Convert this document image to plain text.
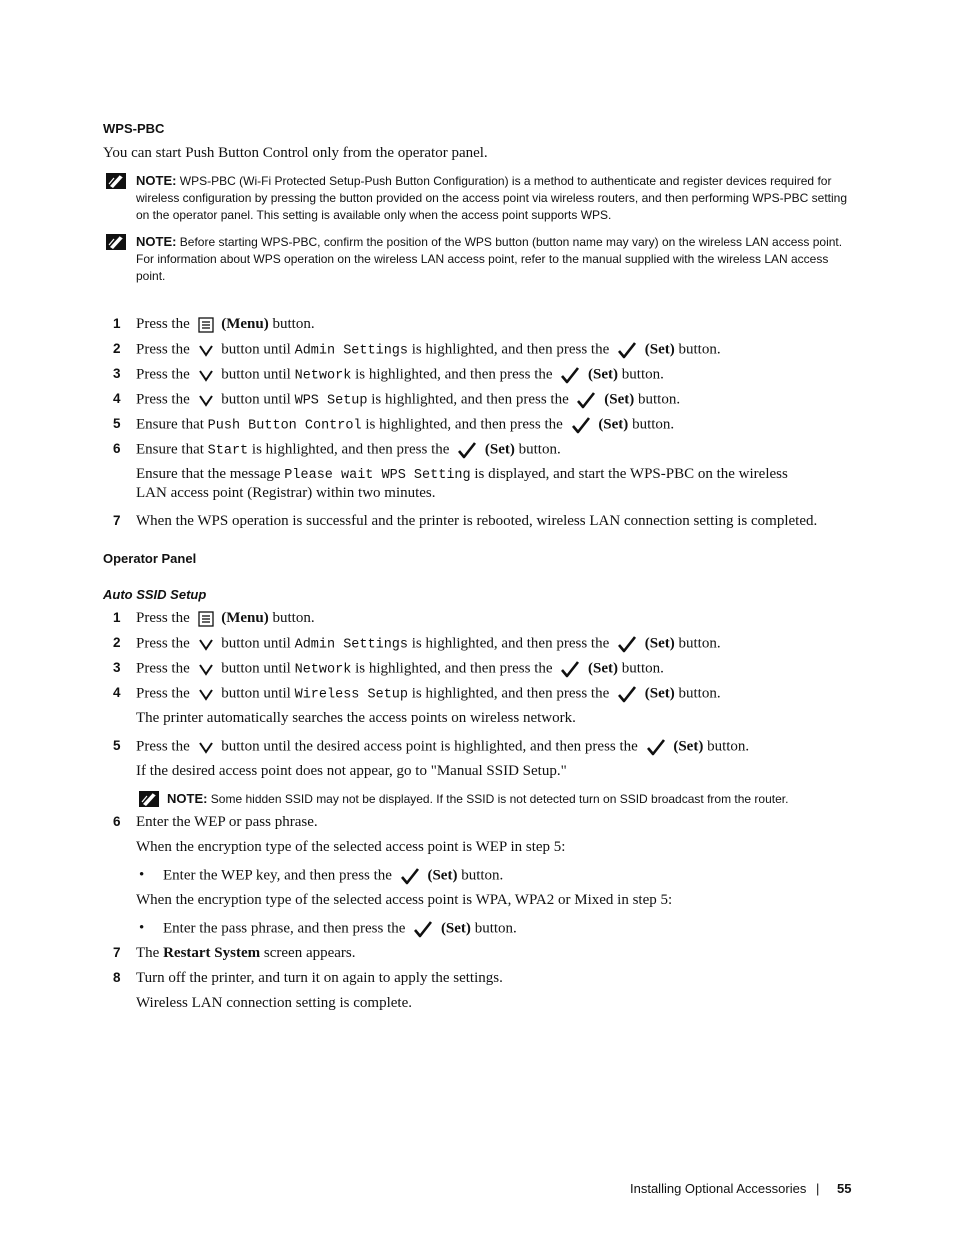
WPS-PBC
You can start Push Button Control only from the operator panel.
NOTE: WPS-PBC (Wi-Fi Protected Setup-Push Button Configuration) is a method to authenticate and register devices required for wireless configuration by pressing the button provided on the access point via wireless routers, and then performing WPS-PBC setting on the operator panel. This setting is available only when the access point supports WPS.
NOTE: Before starting WPS-PBC, confirm the position of the WPS button (button name may vary) on the wireless LAN access point. For information about WPS operation on the wireless LAN access point, refer to the manual supplied with the wireless LAN access point.
1 Press the (Menu) button.
2 Press the button until Admin Settings is highlighted, and then press the (Set) button.
3 Press the button until Network is highlighted, and then press the (Set) button.
4 Press the button until WPS Setup is highlighted, and then press the (Set) button.
5 Ensure that Push Button Control is highlighted, and then press the (Set) button.
6 Ensure that Start is highlighted, and then press the (Set) button.
Ensure that the message Please wait WPS Setting is displayed, and start the WPS-PBC on the wireless
LAN access point (Registrar) within two minutes.
7 When the WPS operation is successful and the printer is rebooted, wireless LAN connection setting is completed.
Operator Panel
Auto SSID Setup
1 Press the (Menu) button.
2 Press the button until Admin Settings is highlighted, and then press the (Set) button.
3 Press the button until Network is highlighted, and then press the (Set) button.
4 Press the button until Wireless Setup is highlighted, and then press the (Set) button.
The printer automatically searches the access points on wireless network.
5 Press the button until the desired access point is highlighted, and then press the (Set) button.
If the desired access point does not appear, go to "Manual SSID Setup."
NOTE: Some hidden SSID may not be displayed. If the SSID is not detected turn on SSID broadcast from the router.
6 Enter the WEP or pass phrase.
When the encryption type of the selected access point is WEP in step 5:
• Enter the WEP key, and then press the (Set) button.
When the encryption type of the selected access point is WPA, WPA2 or Mixed in step 5:
• Enter the pass phrase, and then press the (Set) button.
7 The Restart System screen appears.
8 Turn off the printer, and turn it on again to apply the settings.
Wireless LAN connection setting is complete.
Installing Optional Accessories | 55
